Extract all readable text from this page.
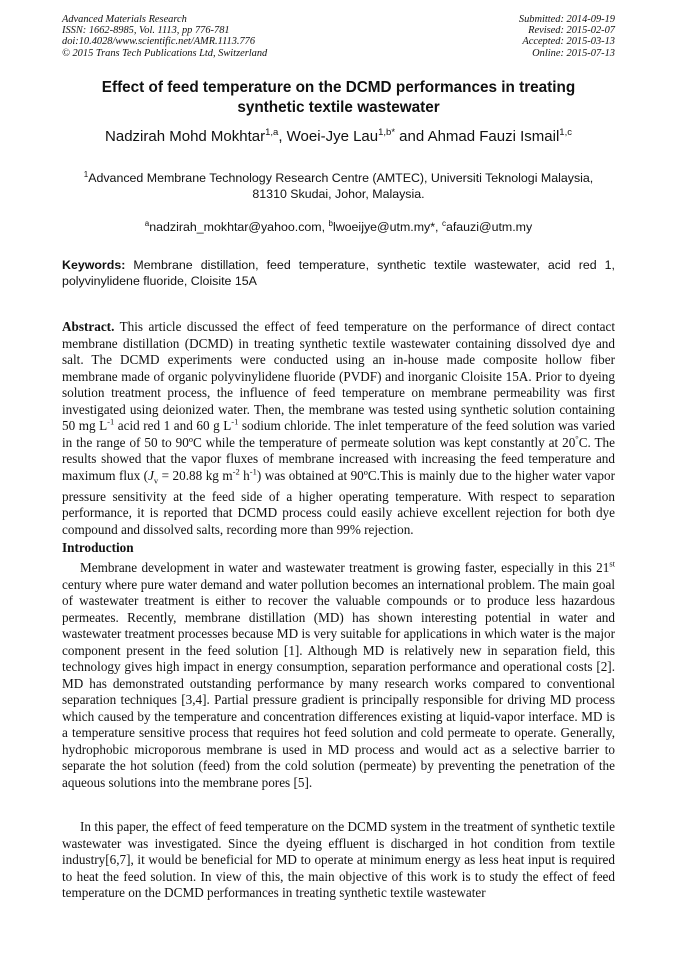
Advanced Materials Research
ISSN: 1662-8985, Vol. 1113, pp 776-781
doi:10.4028/www.scientific.net/AMR.1113.776
© 2015 Trans Tech Publications Ltd, Switzerland
Submitted: 2014-09-19
Revised: 2015-02-07
Accepted: 2015-03-13
Online: 2015-07-13
Effect of feed temperature on the DCMD performances in treating
synthetic textile wastewater
Nadzirah Mohd Mokhtar$^{1,a}$, Woei-Jye Lau$^{1,b*}$ and Ahmad Fauzi Ismail$^{1,c}$
$^1$Advanced Membrane Technology Research Centre (AMTEC), Universiti Teknologi Malaysia,
81310 Skudai, Johor, Malaysia.
$^a$nadzirah_mokhtar@yahoo.com, $^b$lwoeijye@utm.my*, $^c$afauzi@utm.my
Keywords: Membrane distillation, feed temperature, synthetic textile wastewater, acid red 1, polyvinylidene fluoride, Cloisite 15A
Abstract. This article discussed the effect of feed temperature on the performance of direct contact membrane distillation (DCMD) in treating synthetic textile wastewater containing dissolved dye and salt. The DCMD experiments were conducted using an in-house made composite hollow fiber membrane made of organic polyvinylidene fluoride (PVDF) and inorganic Cloisite 15A. Prior to dyeing solution treatment process, the influence of feed temperature on membrane permeability was first investigated using deionized water. Then, the membrane was tested using synthetic solution containing 50 mg $L^{-1}$ acid red 1 and 60 g $L^{-1}$ sodium chloride. The inlet temperature of the feed solution was varied in the range of 50 to 90ºC while the temperature of permeate solution was kept constantly at 20°C. The results showed that the vapor fluxes of membrane increased with increasing the feed temperature and maximum flux ($J_v = 20.88$ kg $m^{-2}$ $h^{-1}$) was obtained at 90ºC.This is mainly due to the higher water vapor pressure sensitivity at the feed side of a higher operating temperature. With respect to separation performance, it is reported that DCMD process could easily achieve excellent rejection for both dye compound and dissolved salts, recording more than 99% rejection.
Introduction
Membrane development in water and wastewater treatment is growing faster, especially in this 21st century where pure water demand and water pollution becomes an international problem. The main goal of wastewater treatment is either to recover the valuable compounds or to produce less hazardous permeates. Recently, membrane distillation (MD) has shown interesting potential in water and wastewater treatment processes because MD is very suitable for applications in which water is the major component present in the feed solution [1]. Although MD is relatively new in separation field, this technology gives high impact in energy consumption, separation performance and operational costs [2]. MD has demonstrated outstanding performance by many research works compared to conventional separation techniques [3,4]. Partial pressure gradient is principally responsible for driving MD process which caused by the temperature and concentration differences existing at liquid-vapor interface. MD is a temperature sensitive process that requires hot feed solution and cold permeate to operate. Generally, hydrophobic microporous membrane is used in MD process and would act as a selective barrier to separate the hot solution (feed) from the cold solution (permeate) by preventing the penetration of the aqueous solutions into the membrane pores [5].
In this paper, the effect of feed temperature on the DCMD system in the treatment of synthetic textile wastewater was investigated. Since the dyeing effluent is discharged in hot condition from textile industry[6,7], it would be beneficial for MD to operate at minimum energy as less heat input is required to heat the feed solution. In view of this, the main objective of this work is to study the effect of feed temperature on the DCMD performances in treating synthetic textile wastewater
